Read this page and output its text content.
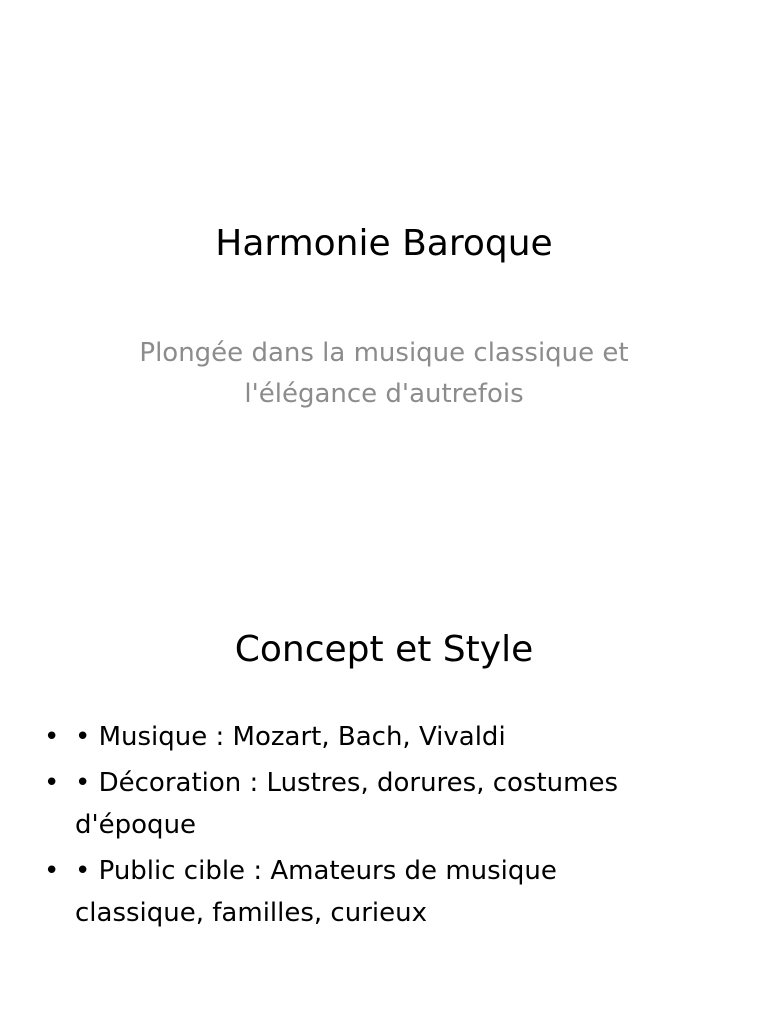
Harmonie Baroque

Plongée dans la musique classique et l'élégance d'autrefois

Concept et Style
• • Musique : Mozart, Bach, Vivaldi
• • Décoration : Lustres, dorures, costumes d'époque
• • Public cible : Amateurs de musique classique, familles, curieux
